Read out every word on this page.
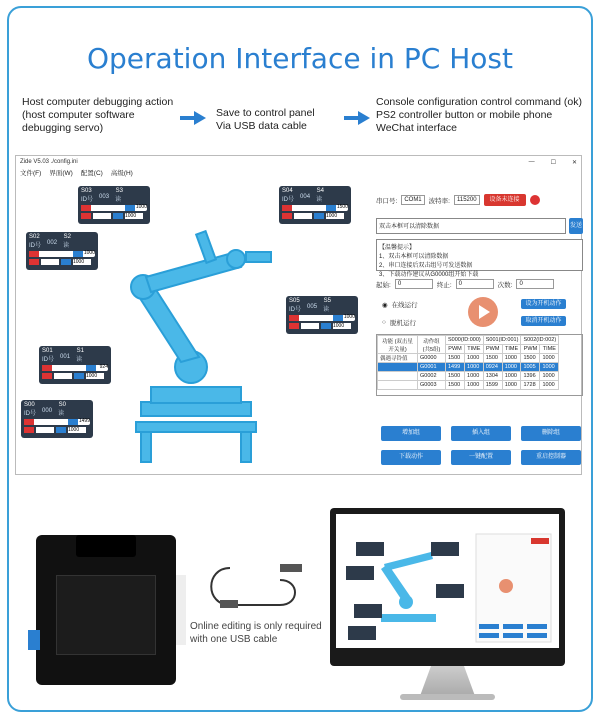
Operation Interface in PC Host
Host computer debugging action
(host computer software
debugging servo)
Save to control panel
Via USB data cable
Console configuration control command (ok)
PS2 controller button or mobile phone
WeChat interface
Zide V5.03 ./config.ini	—	☐	✕
文件(F) 界面(W) 配置(C) 高级(H)
S03	S3
ID号 003 读
1000
1000
S04	S4
ID号 004 读
1500
1000
S02	S2
ID号 002 读
1000
1000
S05	S5
ID号 005 读
1000
1000
S01	S1
ID号 001 读
924
1000
S00	S0
ID号 000 读
1499
1000
串口号:	COM1	波特率:	115200	设备未连接
双击本框可以清除数据	发送
【温馨提示】
1、双击本框可以清除数据
2、串口连接后双击组号可发送数据
3、下载动作建议从G0000组开始下载
起始:	0	终止:	0	次数:	0
◉ 在线运行
○ 脱机运行
设为开机动作
取消开机动作
功能 (双击星开关量)	动作组 (共5组)	S000(ID:000)		S001(ID:001)		S002(ID:002)	
		PWM	TIME	PWM	TIME	PWM	TIME
偶遇寻铃值	G0000	1500	1000	1500	1000	1500	1000
	G0001	1499	1000	0924	1000	1005	1000
	G0002	1500	1000	1304	1000	1396	1000
	G0003	1500	1000	1599	1000	1728	1000
增加组	插入组	删除组
下载动作	一键配置	重启控制器
Online editing is only required
with one USB cable
